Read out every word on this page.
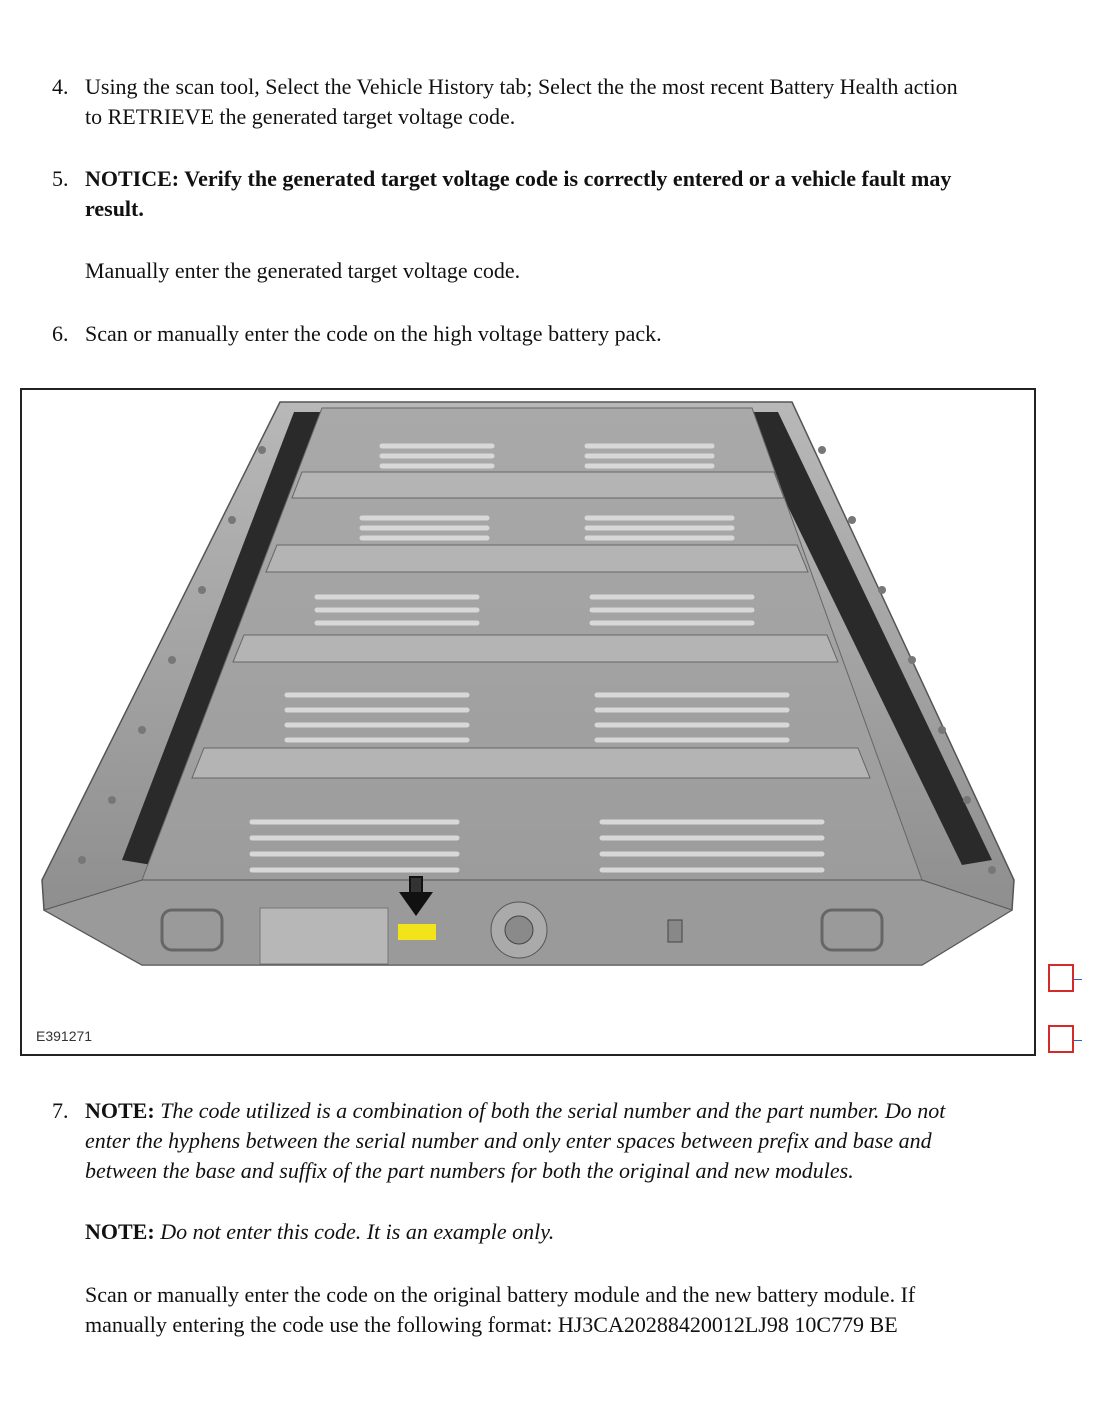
4. Using the scan tool, Select the Vehicle History tab; Select the the most recent Battery Health action
to RETRIEVE the generated target voltage code.
5. NOTICE: Verify the generated target voltage code is correctly entered or a vehicle fault may
result.
Manually enter the generated target voltage code.
6. Scan or manually enter the code on the high voltage battery pack.
E391271
7. NOTE: The code utilized is a combination of both the serial number and the part number. Do not
enter the hyphens between the serial number and only enter spaces between prefix and base and
between the base and suffix of the part numbers for both the original and new modules.
NOTE: Do not enter this code. It is an example only.
Scan or manually enter the code on the original battery module and the new battery module. If
manually entering the code use the following format: HJ3CA20288420012LJ98 10C779 BE
